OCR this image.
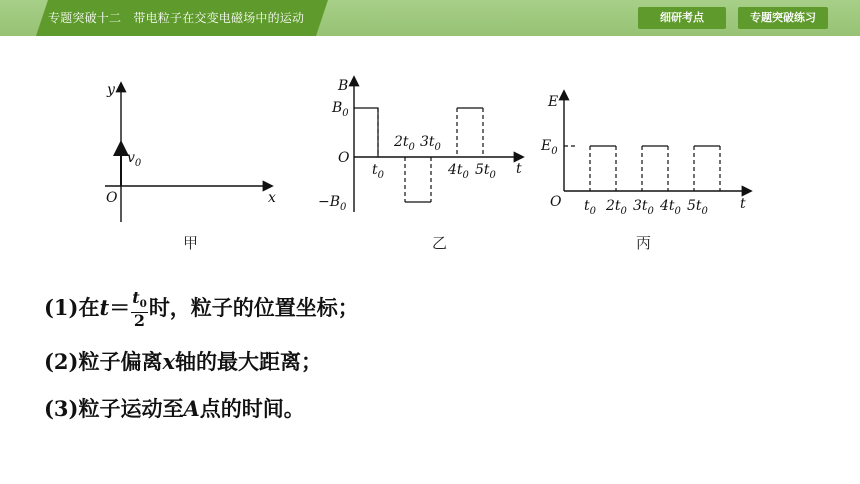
专题突破十二　带电粒子在交变电磁场中的运动	细研考点	专题突破练习
y
x
O
$v_0$
B
$B_0$
O
$-B_0$
t
$t_0$
$2t_0$ $3t_0$
$4t_0$ $5t_0$
E
$E_0$
O	t
$t_0$ $2t_0$ $3t_0$ $4t_0$ $5t_0$
甲	乙	丙
(1)在$t= \frac{t_0}{2}$ 时，粒子的位置坐标；
(2)粒子偏离x轴的最大距离；
(3)粒子运动至A点的时间。
